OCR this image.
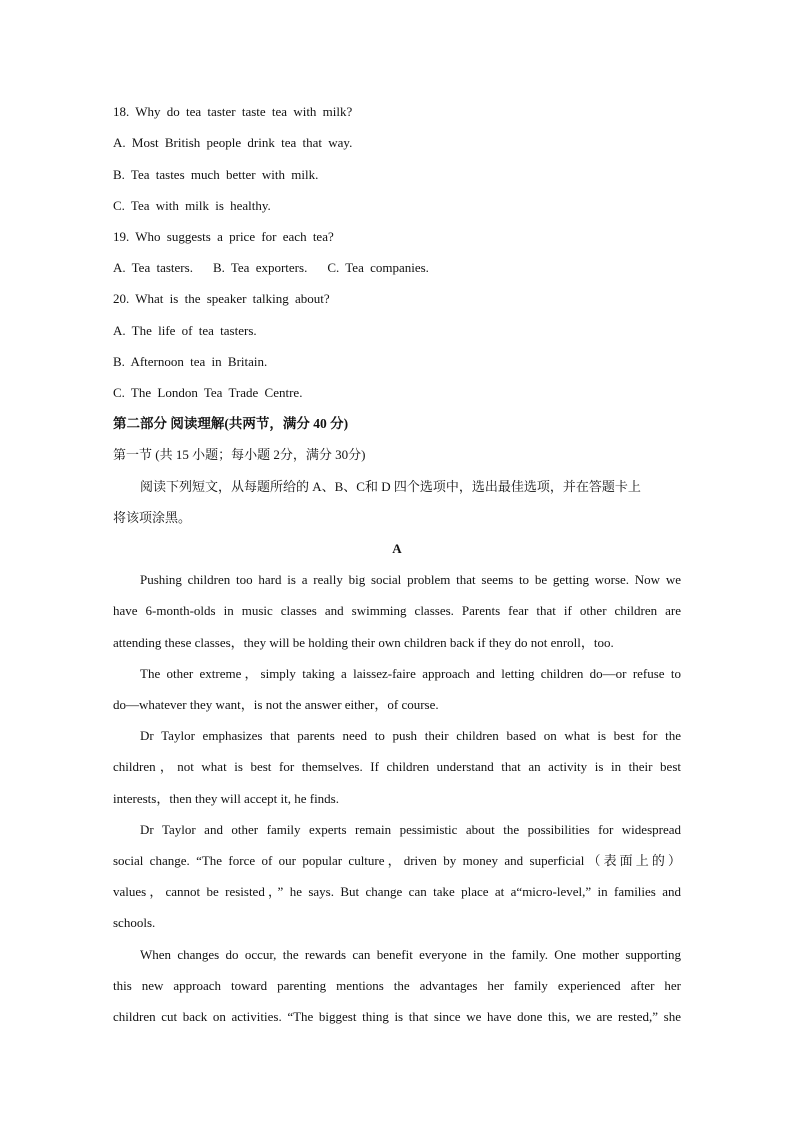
18. Why do tea taster taste tea with milk?
A. Most British people drink tea that way.
B. Tea tastes much better with milk.
C. Tea with milk is healthy.
19. Who suggests a price for each tea?
A. Tea tasters. B. Tea exporters. C. Tea companies.
20. What is the speaker talking about?
A. The life of tea tasters.
B. Afternoon tea in Britain.
C. The London Tea Trade Centre.
第二部分 阅读理解(共两节，满分 40 分)
第一节 (共 15 小题；每小题 2分，满分 30分)
阅读下列短文，从每题所给的 A、B、C和 D 四个选项中，选出最佳选项，并在答题卡上
将该项涂黑。
A
Pushing children too hard is a really big social problem that seems to be getting worse. Now we
have 6-month-olds in music classes and swimming classes. Parents fear that if other children are
attending these classes，they will be holding their own children back if they do not enroll，too.
The other extreme，simply taking a laissez-faire approach and letting children do—or refuse to
do—whatever they want，is not the answer either，of course.
Dr Taylor emphasizes that parents need to push their children based on what is best for the
children，not what is best for themselves. If children understand that an activity is in their best
interests，then they will accept it, he finds.
Dr Taylor and other family experts remain pessimistic about the possibilities for widespread
social change. “The force of our popular culture，driven by money and superficial（表面上的）
values，cannot be resisted，” he says. But change can take place at a“micro-level,” in families and
schools.
When changes do occur, the rewards can benefit everyone in the family. One mother supporting
this new approach toward parenting mentions the advantages her family experienced after her
children cut back on activities. “The biggest thing is that since we have done this, we are rested,” she
